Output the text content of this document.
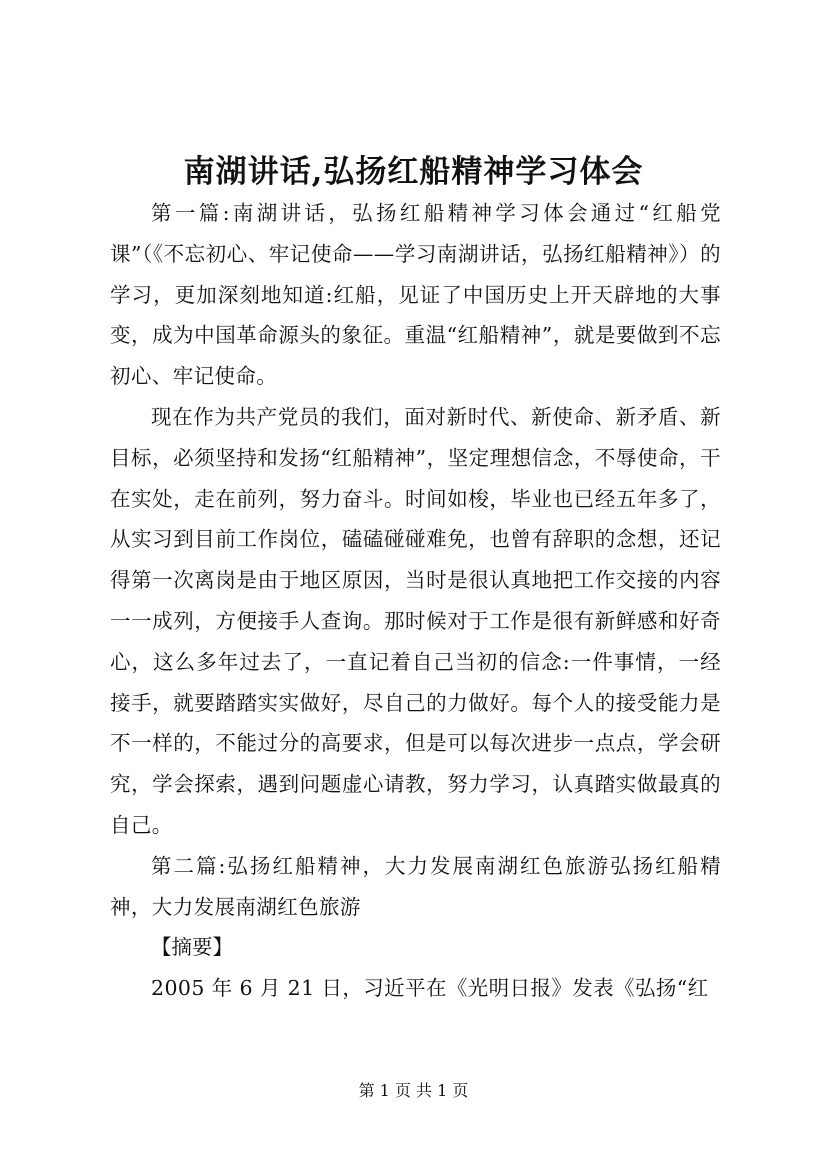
南湖讲话,弘扬红船精神学习体会

第一篇:南湖讲话，弘扬红船精神学习体会通过“红船党课”（《不忘初心、牢记使命——学习南湖讲话，弘扬红船精神》）的学习，更加深刻地知道:红船，见证了中国历史上开天辟地的大事变，成为中国革命源头的象征。重温“红船精神”，就是要做到不忘初心、牢记使命。

现在作为共产党员的我们，面对新时代、新使命、新矛盾、新目标，必须坚持和发扬“红船精神”，坚定理想信念，不辱使命，干在实处，走在前列，努力奋斗。时间如梭，毕业也已经五年多了，从实习到目前工作岗位，磕磕碰碰难免，也曾有辞职的念想，还记得第一次离岗是由于地区原因，当时是很认真地把工作交接的内容一一成列，方便接手人查询。那时候对于工作是很有新鲜感和好奇心，这么多年过去了，一直记着自己当初的信念:一件事情，一经接手，就要踏踏实实做好，尽自己的力做好。每个人的接受能力是不一样的，不能过分的高要求，但是可以每次进步一点点，学会研究，学会探索，遇到问题虚心请教，努力学习，认真踏实做最真的自己。

第二篇:弘扬红船精神，大力发展南湖红色旅游弘扬红船精神，大力发展南湖红色旅游

【摘要】

2005 年 6 月 21 日，习近平在《光明日报》发表《弘扬“红

第 1 页 共 1 页
